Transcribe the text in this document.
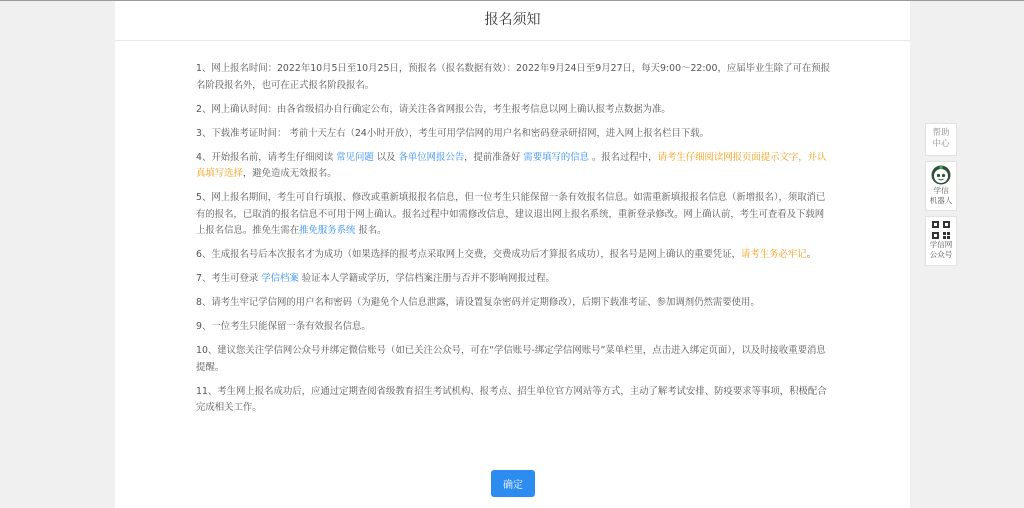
报名须知
1、网上报名时间：2022年10月5日至10月25日，预报名（报名数据有效）：2022年9月24日至9月27日，每天9:00～22:00，应届毕业生除了可在预报名阶段报名外，也可在正式报名阶段报名。
2、网上确认时间：由各省级招办自行确定公布，请关注各省网报公告，考生报考信息以网上确认报考点数据为准。
3、下载准考证时间： 考前十天左右（24小时开放），考生可用学信网的用户名和密码登录研招网，进入网上报名栏目下载。
4、开始报名前，请考生仔细阅读 常见问题 以及 各单位网报公告，提前准备好 需要填写的信息 。报名过程中，请考生仔细阅读网报页面提示文字，并认真填写选择，避免造成无效报名。
5、网上报名期间，考生可自行填报、修改或重新填报报名信息，但一位考生只能保留一条有效报名信息。如需重新填报报名信息（新增报名），须取消已有的报名，已取消的报名信息不可用于网上确认。报名过程中如需修改信息，建议退出网上报名系统，重新登录修改。网上确认前，考生可查看及下载网上报名信息。推免生需在推免服务系统 报名。
6、生成报名号后本次报名才为成功（如果选择的报考点采取网上交费，交费成功后才算报名成功），报名号是网上确认的重要凭证，请考生务必牢记。
7、考生可登录 学信档案 验证本人学籍或学历，学信档案注册与否并不影响网报过程。
8、请考生牢记学信网的用户名和密码（为避免个人信息泄露，请设置复杂密码并定期修改），后期下载准考证、参加调剂仍然需要使用。
9、一位考生只能保留一条有效报名信息。
10、建议您关注学信网公众号并绑定微信账号（如已关注公众号，可在“学信账号-绑定学信网账号”菜单栏里，点击进入绑定页面），以及时接收重要消息提醒。
11、考生网上报名成功后，应通过定期查阅省级教育招生考试机构、报考点、招生单位官方网站等方式，主动了解考试安排、防疫要求等事项，积极配合完成相关工作。
确定
帮助
中心
学信
机器人
学信网
公众号
